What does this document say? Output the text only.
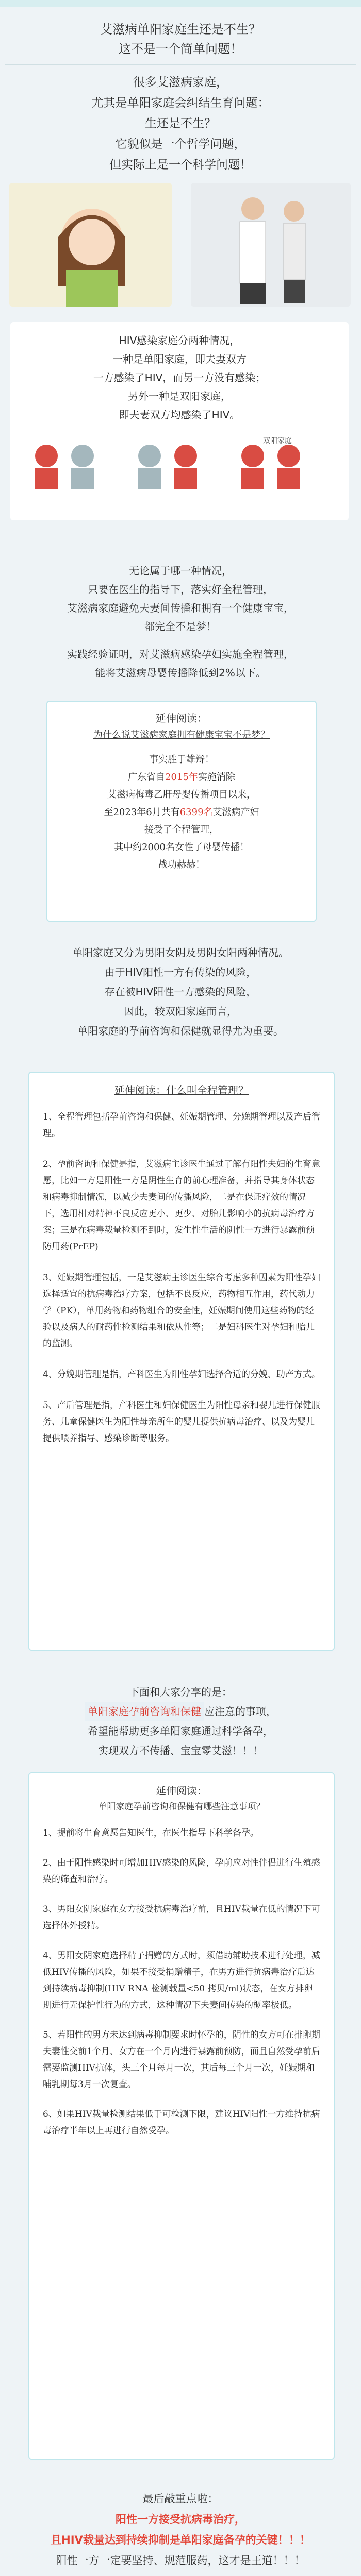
艾滋病单阳家庭生还是不生？
这不是一个简单问题！
很多艾滋病家庭，
尤其是单阳家庭会纠结生育问题：
生还是不生？
它貌似是一个哲学问题，
但实际上是一个科学问题！
HIV感染家庭分两种情况，
一种是单阳家庭，即夫妻双方
一方感染了HIV，而另一方没有感染；
另外一种是双阳家庭，
即夫妻双方均感染了HIV。
双阳家庭
无论属于哪一种情况，
只要在医生的指导下，落实好全程管理，
艾滋病家庭避免夫妻间传播和拥有一个健康宝宝，
都完全不是梦！
实践经验证明，对艾滋病感染孕妇实施全程管理，
能将艾滋病母婴传播降低到2%以下。
延伸阅读：
为什么说艾滋病家庭拥有健康宝宝不是梦？
事实胜于雄辩！
广东省自2015年实施消除
艾滋病梅毒乙肝母婴传播项目以来，
至2023年6月共有6399名艾滋病产妇
接受了全程管理，
其中约2000名女性了母婴传播！
战功赫赫！
单阳家庭又分为男阳女阴及男阴女阳两种情况。
由于HIV阳性一方有传染的风险，
存在被HIV阳性一方感染的风险，
因此，较双阳家庭而言，
单阳家庭的孕前咨询和保健就显得尤为重要。
延伸阅读：什么叫全程管理？

1、全程管理包括孕前咨询和保健、妊娠期管理、分娩期管理以及产后管理。

2、孕前咨询和保健是指，艾滋病主诊医生通过了解有阳性夫妇的生育意愿，比如一方是阳性一方是阴性生育的前心理准备，并指导其身体状态和病毒抑制情况，以减少夫妻间的传播风险，二是在保证疗效的情况下，选用相对精神不良反应更小、更少、对胎儿影响小的抗病毒治疗方案；三是在病毒载量检测不到时，发生性生活的阴性一方进行暴露前预防用药(PrEP)

3、妊娠期管理包括，一是艾滋病主诊医生综合考虑多种因素为阳性孕妇选择适宜的抗病毒治疗方案，包括不良反应，药物相互作用，药代动力学（PK），单用药物和药物组合的安全性，妊娠期间使用这些药物的经验以及病人的耐药性检测结果和依从性等；二是妇科医生对孕妇和胎儿的监测。

4、分娩期管理是指，产科医生为阳性孕妇选择合适的分娩、助产方式。

5、产后管理是指，产科医生和妇保健医生为阳性母亲和婴儿进行保健服务、儿童保健医生为阳性母亲所生的婴儿提供抗病毒治疗、以及为婴儿提供喂养指导、感染诊断等服务。

下面和大家分享的是：
单阳家庭孕前咨询和保健 应注意的事项，
希望能帮助更多单阳家庭通过科学备孕，
实现双方不传播、宝宝零艾滋！！！
延伸阅读：
单阳家庭孕前咨询和保健有哪些注意事项？

1、提前将生育意愿告知医生，在医生指导下科学备孕。

2、由于阳性感染时可增加HIV感染的风险，孕前应对性伴侣进行生殖感染的筛查和治疗。

3、男阳女阴家庭在女方接受抗病毒治疗前，且HIV载量在低的情况下可选择体外授精。

4、男阳女阴家庭选择精子捐赠的方式时，须借助辅助技术进行处理，减低HIV传播的风险，如果不接受捐赠精子，在男方进行抗病毒治疗后达到持续病毒抑制(HIV RNA 检测载量<50 拷贝/ml)状态，在女方排卵期进行无保护性行为的方式，这种情况下夫妻间传染的概率极低。

5、若阳性的男方未达到病毒抑制要求时怀孕的，阴性的女方可在排卵期夫妻性交前1个月、女方在一个月内进行暴露前预防，而且自然受孕前后需要监测HIV抗体，头三个月每月一次，其后每三个月一次，妊娠期和哺乳期每3月一次复查。

6、如果HIV载量检测结果低于可检测下限，建议HIV阳性一方维持抗病毒治疗半年以上再进行自然受孕。

最后敲重点啦：
阳性一方接受抗病毒治疗，
且HIV载量达到持续抑制是单阳家庭备孕的关键！！！
阳性一方一定要坚持、规范服药，这才是王道！！！
